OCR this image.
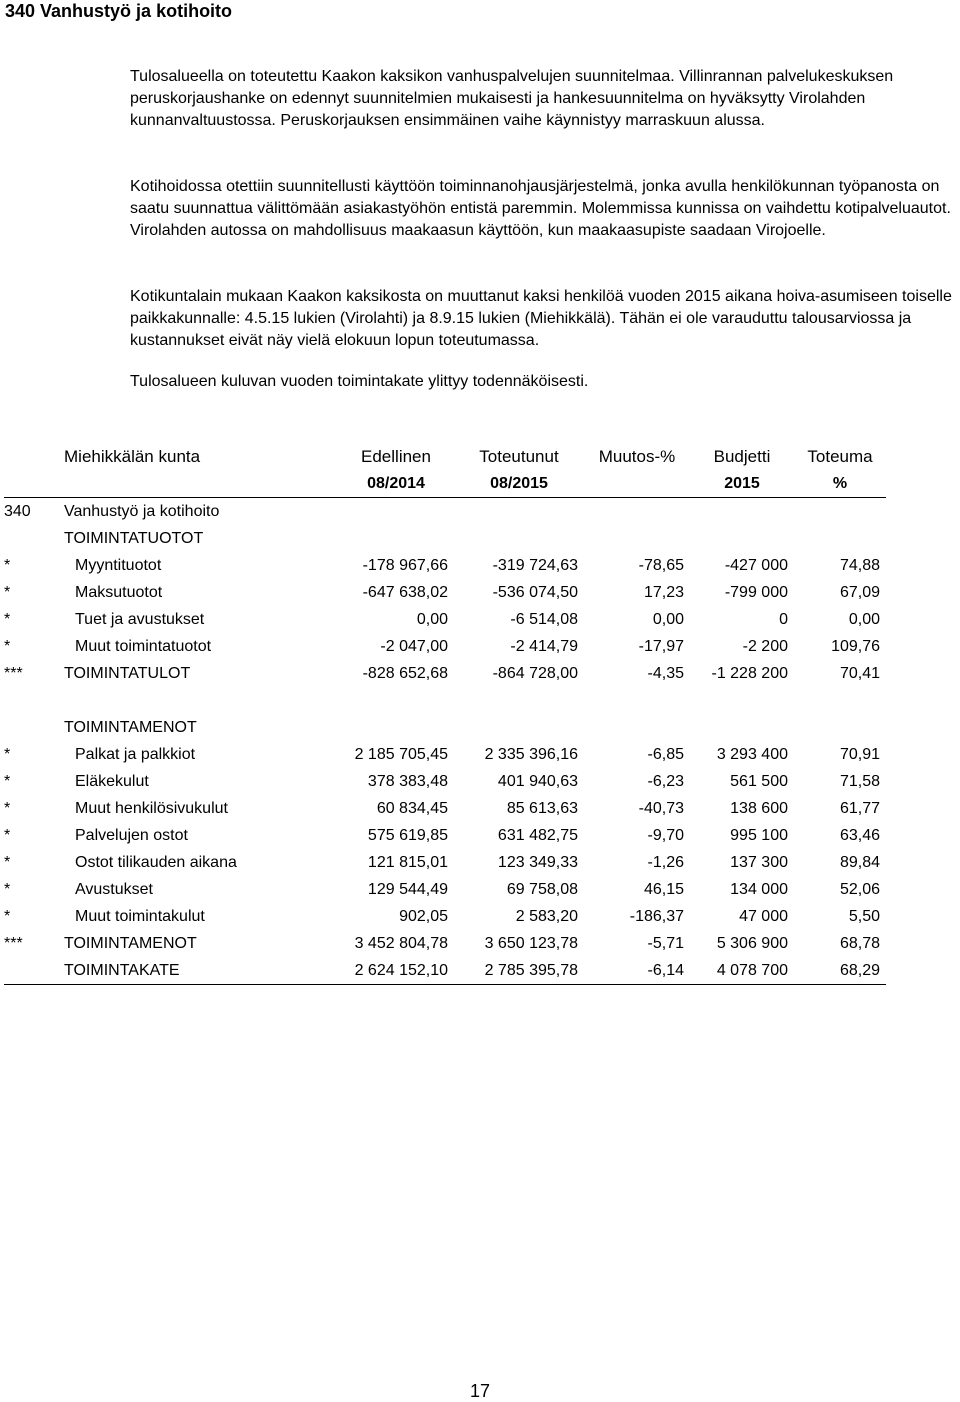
340 Vanhustyö ja kotihoito

Tulosalueella on toteutettu Kaakon kaksikon vanhuspalvelujen suunnitelmaa. Villinrannan palvelukeskuksen peruskorjaushanke on edennyt suunnitelmien mukaisesti ja hankesuunnitelma on hyväksytty Virolahden kunnanvaltuustossa. Peruskorjauksen ensimmäinen vaihe käynnistyy marraskuun alussa.

Kotihoidossa otettiin suunnitellusti käyttöön toiminnanohjausjärjestelmä, jonka avulla henkilökunnan työpanosta on saatu suunnattua välittömään asiakastyöhön entistä paremmin. Molemmissa kunnissa on vaihdettu kotipalveluautot. Virolahden autossa on mahdollisuus maakaasun käyttöön, kun maakaasupiste saadaan Virojoelle.

Kotikuntalain mukaan Kaakon kaksikosta on muuttanut kaksi henkilöä vuoden 2015 aikana hoiva-asumiseen toiselle paikkakunnalle: 4.5.15 lukien (Virolahti) ja 8.9.15 lukien (Miehikkälä). Tähän ei ole varauduttu talousarviossa ja kustannukset eivät näy vielä elokuun lopun toteutumassa.

Tulosalueen kuluvan vuoden toimintakate ylittyy todennäköisesti.

	Miehikkälän kunta	Edellinen	Toteutunut	Muutos-%	Budjetti	Toteuma
		08/2014	08/2015		2015	%
340	Vanhustyö ja kotihoito					
	TOIMINTATUOTOT					
*	Myyntituotot	-178 967,66	-319 724,63	-78,65	-427 000	74,88
*	Maksutuotot	-647 638,02	-536 074,50	17,23	-799 000	67,09
*	Tuet ja avustukset	0,00	-6 514,08	0,00	0	0,00
*	Muut toimintatuotot	-2 047,00	-2 414,79	-17,97	-2 200	109,76
***	TOIMINTATULOT	-828 652,68	-864 728,00	-4,35	-1 228 200	70,41

	TOIMINTAMENOT					
*	Palkat ja palkkiot	2 185 705,45	2 335 396,16	-6,85	3 293 400	70,91
*	Eläkekulut	378 383,48	401 940,63	-6,23	561 500	71,58
*	Muut henkilösivukulut	60 834,45	85 613,63	-40,73	138 600	61,77
*	Palvelujen ostot	575 619,85	631 482,75	-9,70	995 100	63,46
*	Ostot tilikauden aikana	121 815,01	123 349,33	-1,26	137 300	89,84
*	Avustukset	129 544,49	69 758,08	46,15	134 000	52,06
*	Muut toimintakulut	902,05	2 583,20	-186,37	47 000	5,50
***	TOIMINTAMENOT	3 452 804,78	3 650 123,78	-5,71	5 306 900	68,78
	TOIMINTAKATE	2 624 152,10	2 785 395,78	-6,14	4 078 700	68,29
17
